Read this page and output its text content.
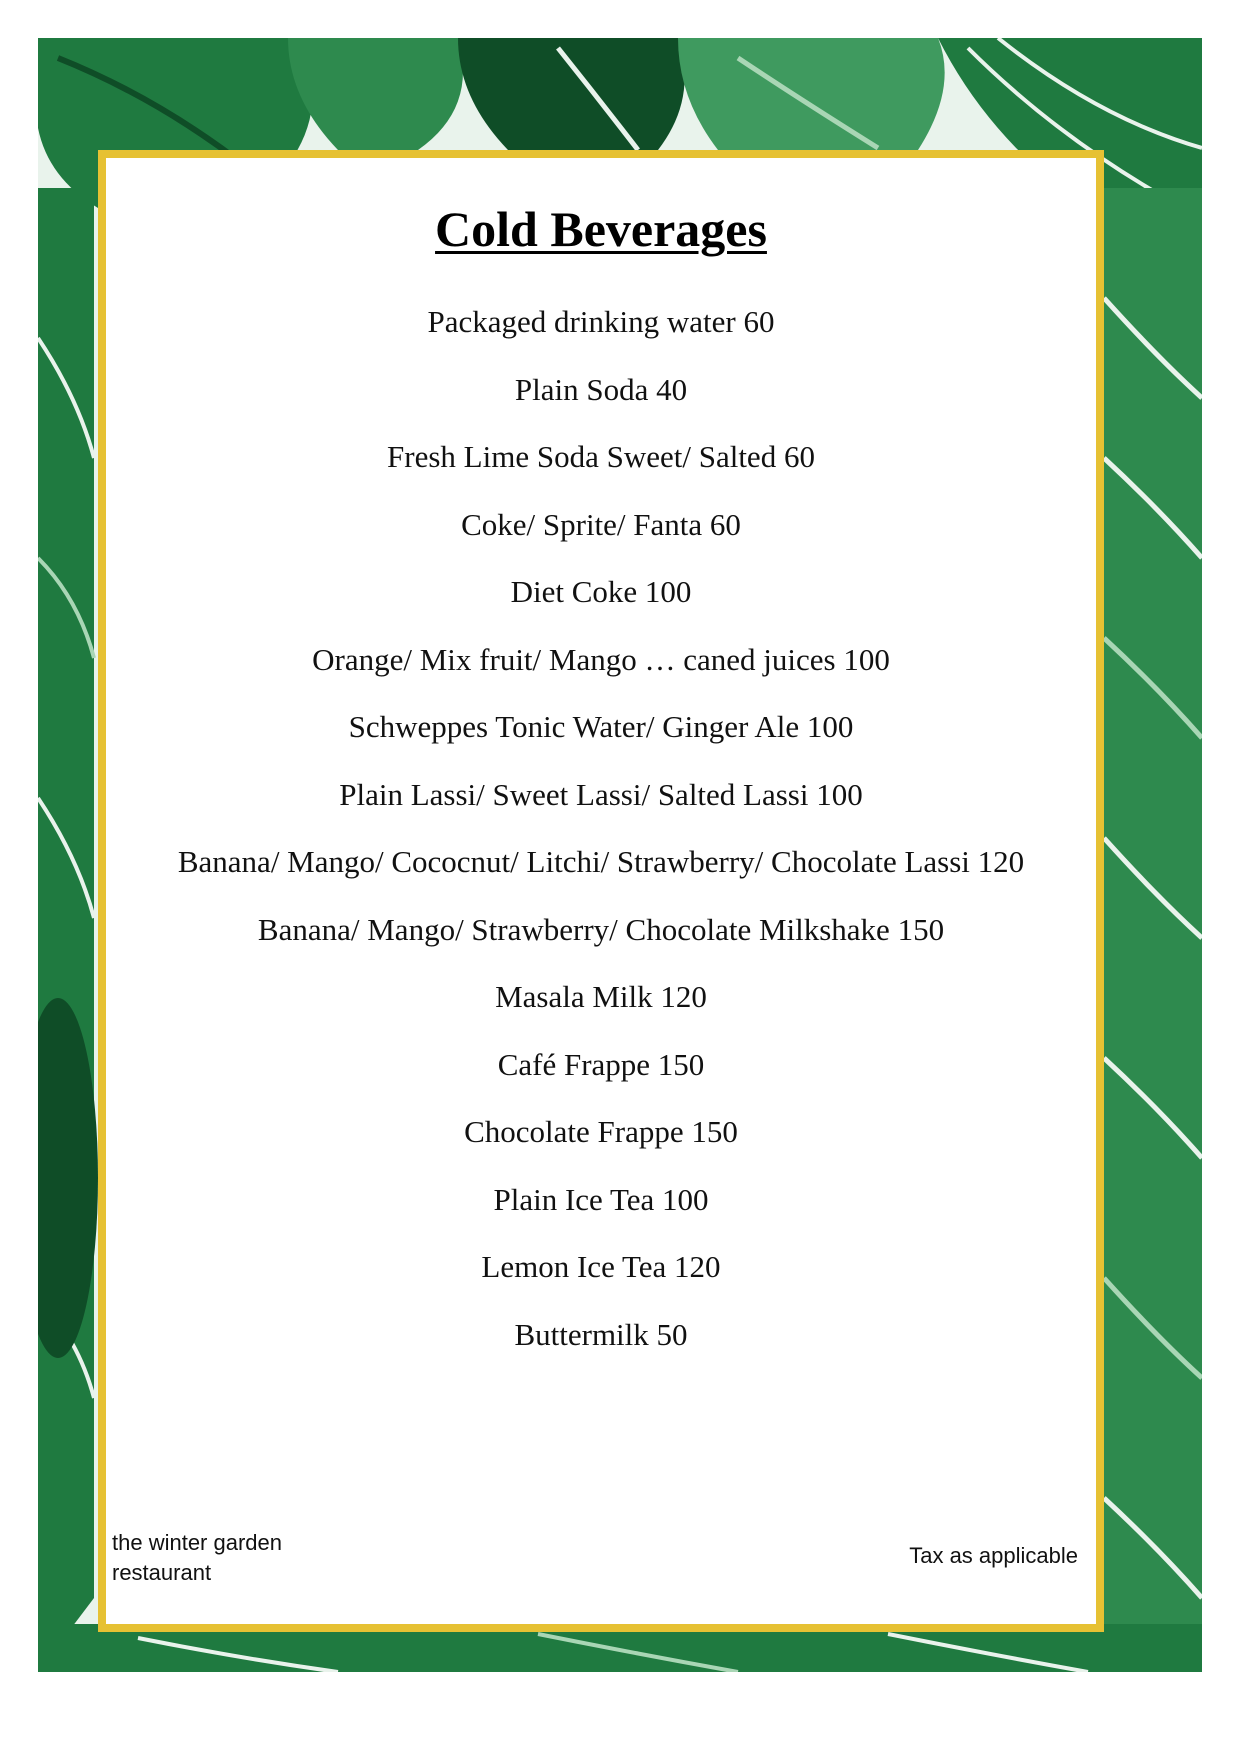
Cold Beverages
Packaged drinking water 60
Plain Soda 40
Fresh Lime Soda Sweet/ Salted 60
Coke/ Sprite/ Fanta 60
Diet Coke 100
Orange/ Mix fruit/ Mango … caned juices 100
Schweppes Tonic Water/ Ginger Ale 100
Plain Lassi/ Sweet Lassi/ Salted Lassi 100
Banana/ Mango/ Cococnut/ Litchi/ Strawberry/ Chocolate Lassi 120
Banana/ Mango/ Strawberry/ Chocolate Milkshake 150
Masala Milk 120
Café Frappe 150
Chocolate Frappe 150
Plain Ice Tea 100
Lemon Ice Tea 120
Buttermilk 50
the winter garden
restaurant
Tax as applicable
